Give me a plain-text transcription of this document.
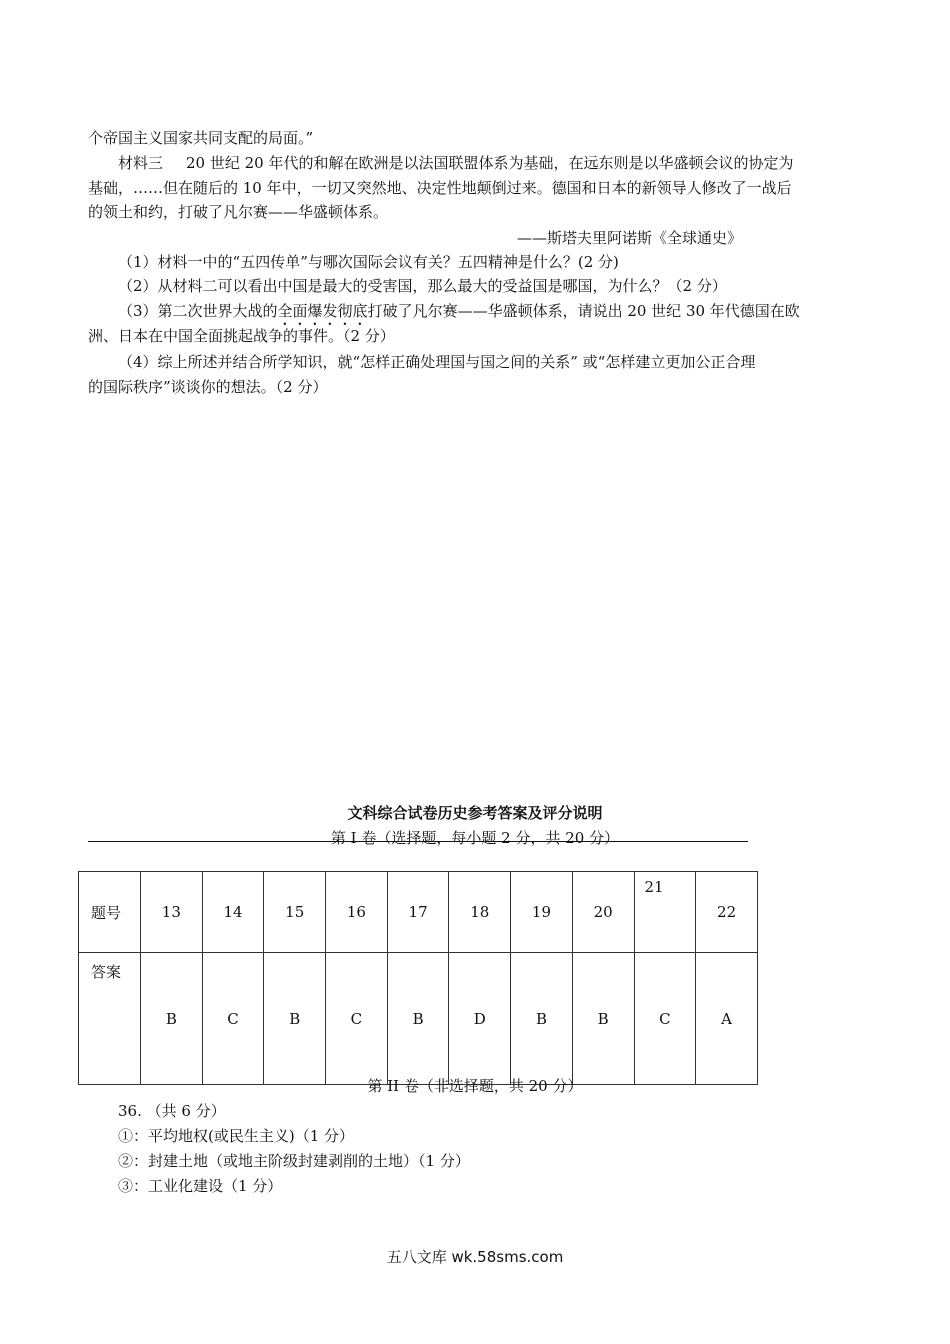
个帝国主义国家共同支配的局面。”
材料三 20 世纪 20 年代的和解在欧洲是以法国联盟体系为基础，在远东则是以华盛顿会议的协定为
基础，……但在随后的 10 年中，一切又突然地、决定性地颠倒过来。德国和日本的新领导人修改了一战后
的领土和约，打破了凡尔赛——华盛顿体系。
——斯塔夫里阿诺斯《全球通史》
（1）材料一中的“五四传单”与哪次国际会议有关？五四精神是什么？(2 分)
（2）从材料二可以看出中国是最大的受害国，那么最大的受益国是哪国，为什么？（2 分）
（3）第二次世界大战的全面爆发彻底打破了凡尔赛——华盛顿体系，请说出 20 世纪 30 年代德国在欧
洲、日本在中国全面挑起战争的事件。（2 分）
（4）综上所述并结合所学知识，就“怎样正确处理国与国之间的关系” 或“怎样建立更加公正合理
的国际秩序”谈谈你的想法。（2 分）
文科综合试卷历史参考答案及评分说明
第 I 卷（选择题，每小题 2 分，共 20 分）
题号	13	14	15	16	17	18	19	20	21	22
答案	B	C	B	C	B	D	B	B	C	A
第 II 卷（非选择题，共 20 分）
36. （共 6 分）
①：平均地权(或民生主义)（1 分）
②：封建土地（或地主阶级封建剥削的土地）（1 分）
③：工业化建设（1 分）
五八文库 wk.58sms.com
